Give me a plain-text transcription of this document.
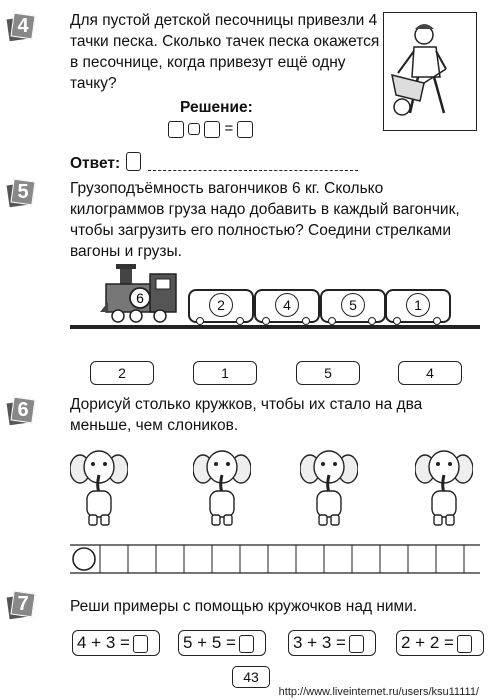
4	Для пустой детской песочницы привезли 4 тачки песка. Сколько тачек песка окажется в песочнице, когда привезут ещё одну тачку?
Решение:
=
Ответ:
5	Грузоподъёмность вагончиков 6 кг. Сколько килограммов груза надо добавить в каждый вагончик, чтобы загрузить его полностью? Соедини стрелками вагоны и грузы.
6	2	4	5	1
2	1	5	4
6	Дорисуй столько кружков, чтобы их стало на два меньше, чем слоников.
7	Реши примеры с помощью кружочков над ними.
4 + 3 =	5 + 5 =	3 + 3 =	2 + 2 =
43
http://www.liveinternet.ru/users/ksu11111/
